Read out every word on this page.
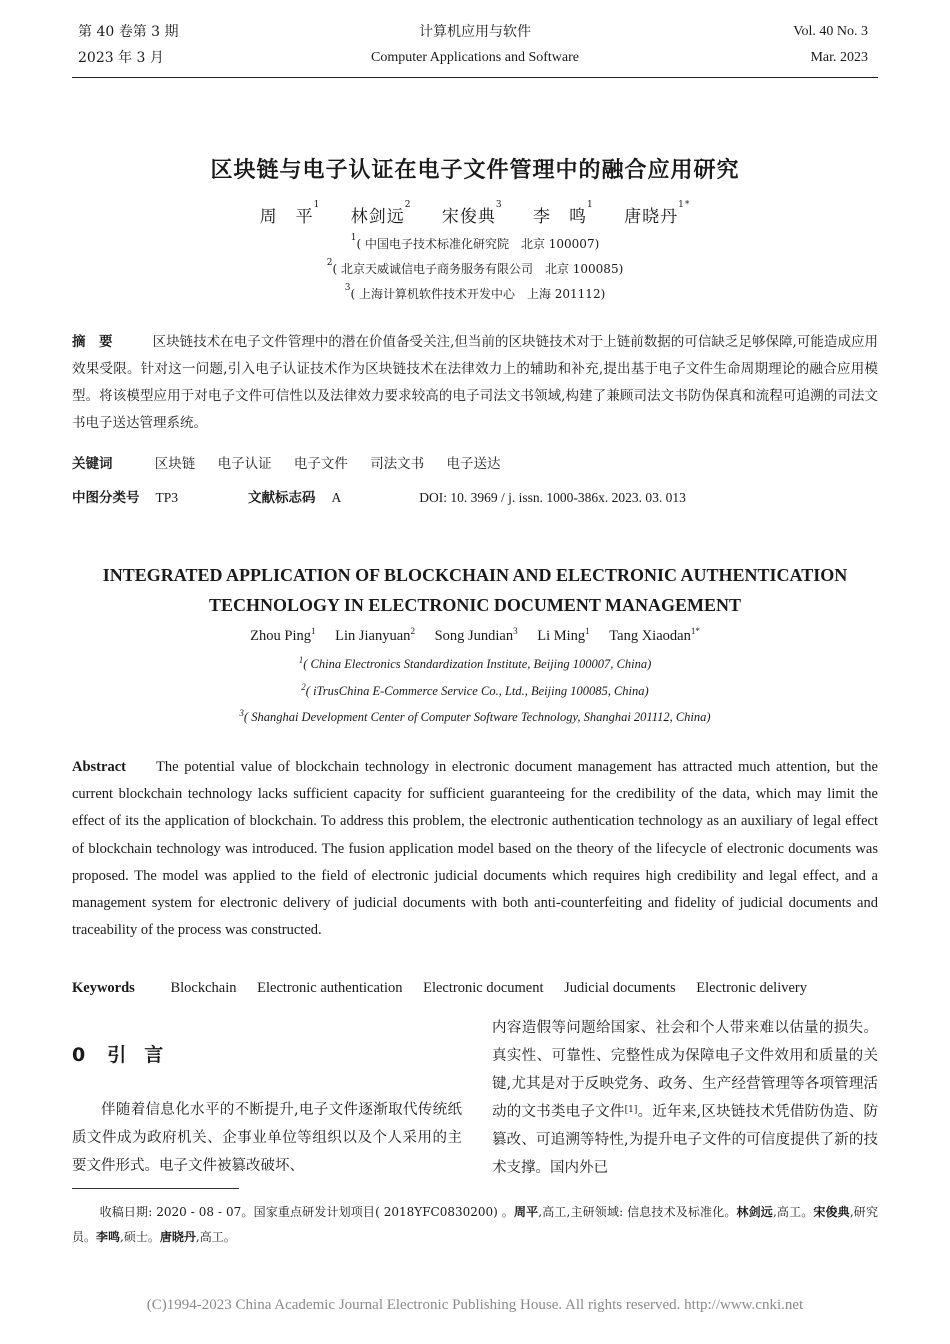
第 40 卷第 3 期
2023 年 3 月
计算机应用与软件
Computer Applications and Software
Vol. 40 No. 3
Mar. 2023
区块链与电子认证在电子文件管理中的融合应用研究
周　平$^1$ 林剑远$^2$ 宋俊典$^3$ 李　鸣$^1$ 唐晓丹$^{1*}$
$^1$( 中国电子技术标准化研究院　北京 100007)
$^2$( 北京天威诚信电子商务服务有限公司　北京 100085)
$^3$( 上海计算机软件技术开发中心　上海 201112)
摘　要	区块链技术在电子文件管理中的潜在价值备受关注,但当前的区块链技术对于上链前数据的可信缺乏足够保障,可能造成应用效果受限。针对这一问题,引入电子认证技术作为区块链技术在法律效力上的辅助和补充,提出基于电子文件生命周期理论的融合应用模型。将该模型应用于对电子文件可信性以及法律效力要求较高的电子司法文书领域,构建了兼顾司法文书防伪保真和流程可追溯的司法文书电子送达管理系统。
关键词	区块链 电子认证 电子文件 司法文书 电子送达
中图分类号 TP3	文献标志码 A	DOI: 10. 3969 / j. issn. 1000-386x. 2023. 03. 013
INTEGRATED APPLICATION OF BLOCKCHAIN AND ELECTRONIC AUTHENTICATION
TECHNOLOGY IN ELECTRONIC DOCUMENT MANAGEMENT
Zhou Ping$^1$ Lin Jianyuan$^2$ Song Jundian$^3$ Li Ming$^1$ Tang Xiaodan$^{1*}$
$^1$( China Electronics Standardization Institute, Beijing 100007, China)
$^2$( iTrusChina E-Commerce Service Co., Ltd., Beijing 100085, China)
$^3$( Shanghai Development Center of Computer Software Technology, Shanghai 201112, China)
Abstract The potential value of blockchain technology in electronic document management has attracted much attention, but the current blockchain technology lacks sufficient capacity for sufficient guaranteeing for the credibility of the data, which may limit the effect of its the application of blockchain. To address this problem, the electronic authentication technology as an auxiliary of legal effect of blockchain technology was introduced. The fusion application model based on the theory of the lifecycle of electronic documents was proposed. The model was applied to the field of electronic judicial documents which requires high credibility and legal effect, and a management system for electronic delivery of judicial documents with both anti-counterfeiting and fidelity of judicial documents and traceability of the process was constructed.
Keywords Blockchain Electronic authentication Electronic document Judicial documents Electronic delivery
0 引言
伴随着信息化水平的不断提升,电子文件逐渐取代传统纸质文件成为政府机关、企事业单位等组织以及个人采用的主要文件形式。电子文件被篡改破坏、
内容造假等问题给国家、社会和个人带来难以估量的损失。真实性、可靠性、完整性成为保障电子文件效用和质量的关键,尤其是对于反映党务、政务、生产经营管理等各项管理活动的文书类电子文件[1]。近年来,区块链技术凭借防伪造、防篡改、可追溯等特性,为提升电子文件的可信度提供了新的技术支撑。国内外已
收稿日期: 2020 - 08 - 07。国家重点研发计划项目( 2018YFC0830200) 。周平,高工,主研领域: 信息技术及标准化。林剑远,高工。宋俊典,研究员。李鸣,硕士。唐晓丹,高工。
(C)1994-2023 China Academic Journal Electronic Publishing House. All rights reserved. http://www.cnki.net
